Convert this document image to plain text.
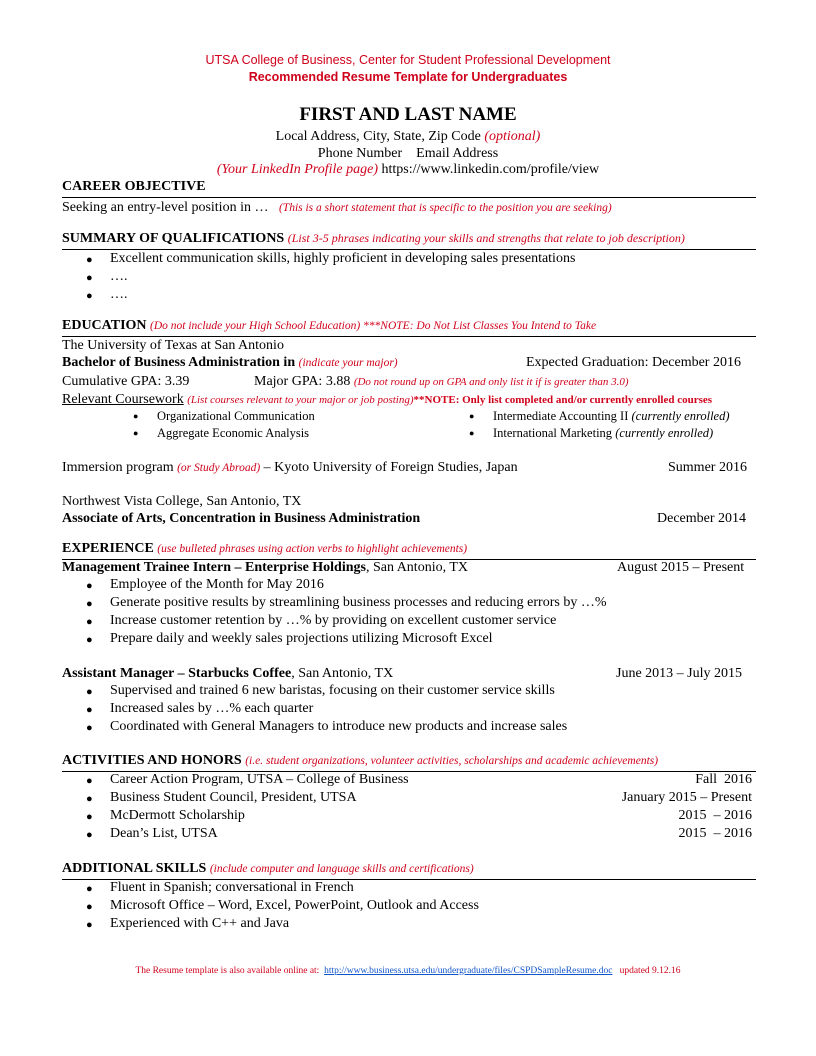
UTSA College of Business, Center for Student Professional Development
Recommended Resume Template for Undergraduates
FIRST AND LAST NAME
Local Address, City, State, Zip Code (optional)
Phone Number    Email Address
(Your LinkedIn Profile page) https://www.linkedin.com/profile/view
CAREER OBJECTIVE
Seeking an entry-level position in … (This is a short statement that is specific to the position you are seeking)
SUMMARY OF QUALIFICATIONS (List 3-5 phrases indicating your skills and strengths that relate to job description)
● Excellent communication skills, highly proficient in developing sales presentations
● ….
● ….
EDUCATION (Do not include your High School Education) ***NOTE: Do Not List Classes You Intend to Take
The University of Texas at San Antonio
Bachelor of Business Administration in (indicate your major)	Expected Graduation: December 2016
Cumulative GPA: 3.39	Major GPA: 3.88 (Do not round up on GPA and only list it if is greater than 3.0)
Relevant Coursework (List courses relevant to your major or job posting)**NOTE: Only list completed and/or currently enrolled courses
● Organizational Communication
● Aggregate Economic Analysis
● Intermediate Accounting II (currently enrolled)
● International Marketing (currently enrolled)
Immersion program (or Study Abroad) – Kyoto University of Foreign Studies, Japan	Summer 2016
Northwest Vista College, San Antonio, TX
Associate of Arts, Concentration in Business Administration	December 2014
EXPERIENCE (use bulleted phrases using action verbs to highlight achievements)
Management Trainee Intern – Enterprise Holdings, San Antonio, TX	August 2015 – Present
● Employee of the Month for May 2016
● Generate positive results by streamlining business processes and reducing errors by …%
● Increase customer retention by …% by providing on excellent customer service
● Prepare daily and weekly sales projections utilizing Microsoft Excel
Assistant Manager – Starbucks Coffee, San Antonio, TX	June 2013 – July 2015
● Supervised and trained 6 new baristas, focusing on their customer service skills
● Increased sales by …% each quarter
● Coordinated with General Managers to introduce new products and increase sales
ACTIVITIES AND HONORS (i.e. student organizations, volunteer activities, scholarships and academic achievements)
● Career Action Program, UTSA – College of Business	Fall  2016
● Business Student Council, President, UTSA	January 2015 – Present
● McDermott Scholarship	2015  – 2016
● Dean’s List, UTSA	2015  – 2016
ADDITIONAL SKILLS (include computer and language skills and certifications)
● Fluent in Spanish; conversational in French
● Microsoft Office – Word, Excel, PowerPoint, Outlook and Access
● Experienced with C++ and Java
The Resume template is also available online at: http://www.business.utsa.edu/undergraduate/files/CSPDSampleResume.doc updated 9.12.16
